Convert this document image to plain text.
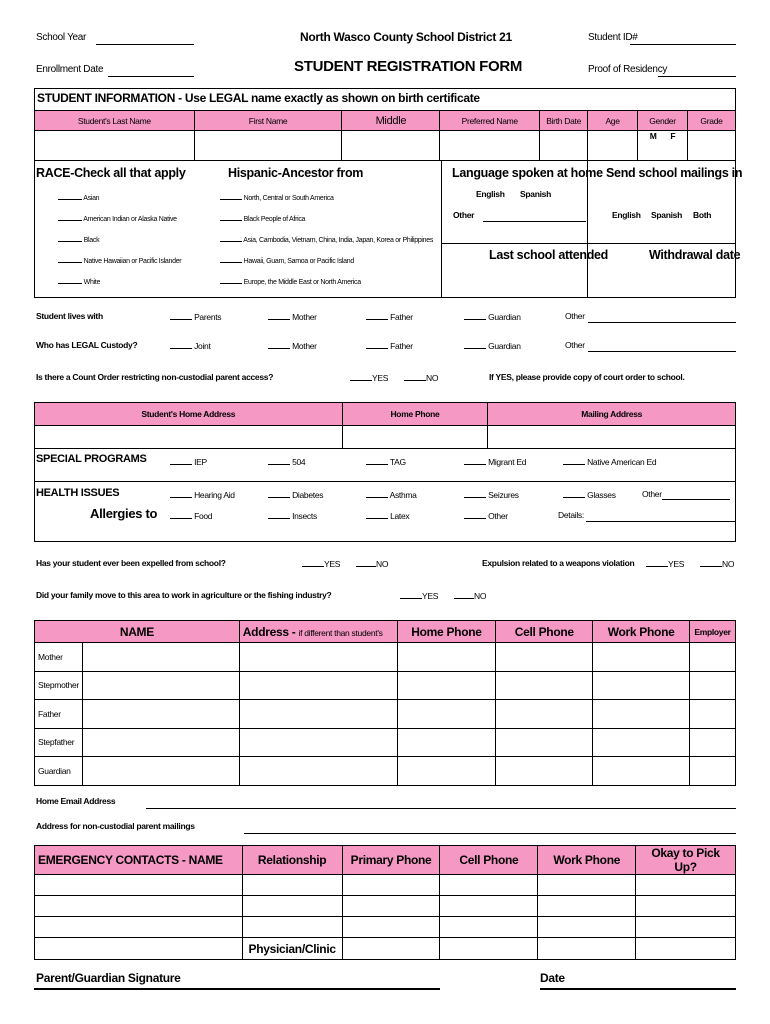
School Year
Enrollment Date
North Wasco County School District 21
STUDENT REGISTRATION FORM
Student ID#
Proof of Residency
STUDENT INFORMATION - Use LEGAL name exactly as shown on birth certificate
Student's Last Name	First Name	Middle	Preferred Name	Birth Date	Age	Gender	Grade
						M F	
RACE-Check all that apply
Asian
American Indian or Alaska Native
Black
Native Hawaiian or Pacific Islander
White
Hispanic-Ancestor from
North, Central or South America
Black People of Africa
Asia, Cambodia, Vietnam, China, India, Japan, Korea or Philippines
Hawaii, Guam, Samoa or Pacific Island
Europe, the Middle East or North America
Language spoken at home
English Spanish
Other
Send school mailings in
English Spanish Both
Last school attended	Withdrawal date
Student lives with	Parents	Mother	Father	Guardian	Other
Who has LEGAL Custody?	Joint	Mother	Father	Guardian	Other
Is there a Count Order restricting non-custodial parent access?	YES	NO	If YES, please provide copy of court order to school.
Student's Home Address	Home Phone	Mailing Address

SPECIAL PROGRAMS	IEP	504	TAG	Migrant Ed	Native American Ed
HEALTH ISSUES
Allergies to
Hearing Aid	Diabetes	Asthma	Seizures	Glasses	Other
Food	Insects	Latex	Other	Details:
Has your student ever been expelled from school?	YES	NO	Expulsion related to a weapons violation	YES	NO
Did your family move to this area to work in agriculture or the fishing industry?	YES	NO
NAME		Address - if different than student's	Home Phone	Cell Phone	Work Phone	Employer
Mother						
Stepmother						
Father						
Stepfather						
Guardian						
Home Email Address
Address for non-custodial parent mailings
EMERGENCY CONTACTS - NAME	Relationship	Primary Phone	Cell Phone	Work Phone	Okay to Pick Up?

	Physician/Clinic				
Parent/Guardian Signature	Date
